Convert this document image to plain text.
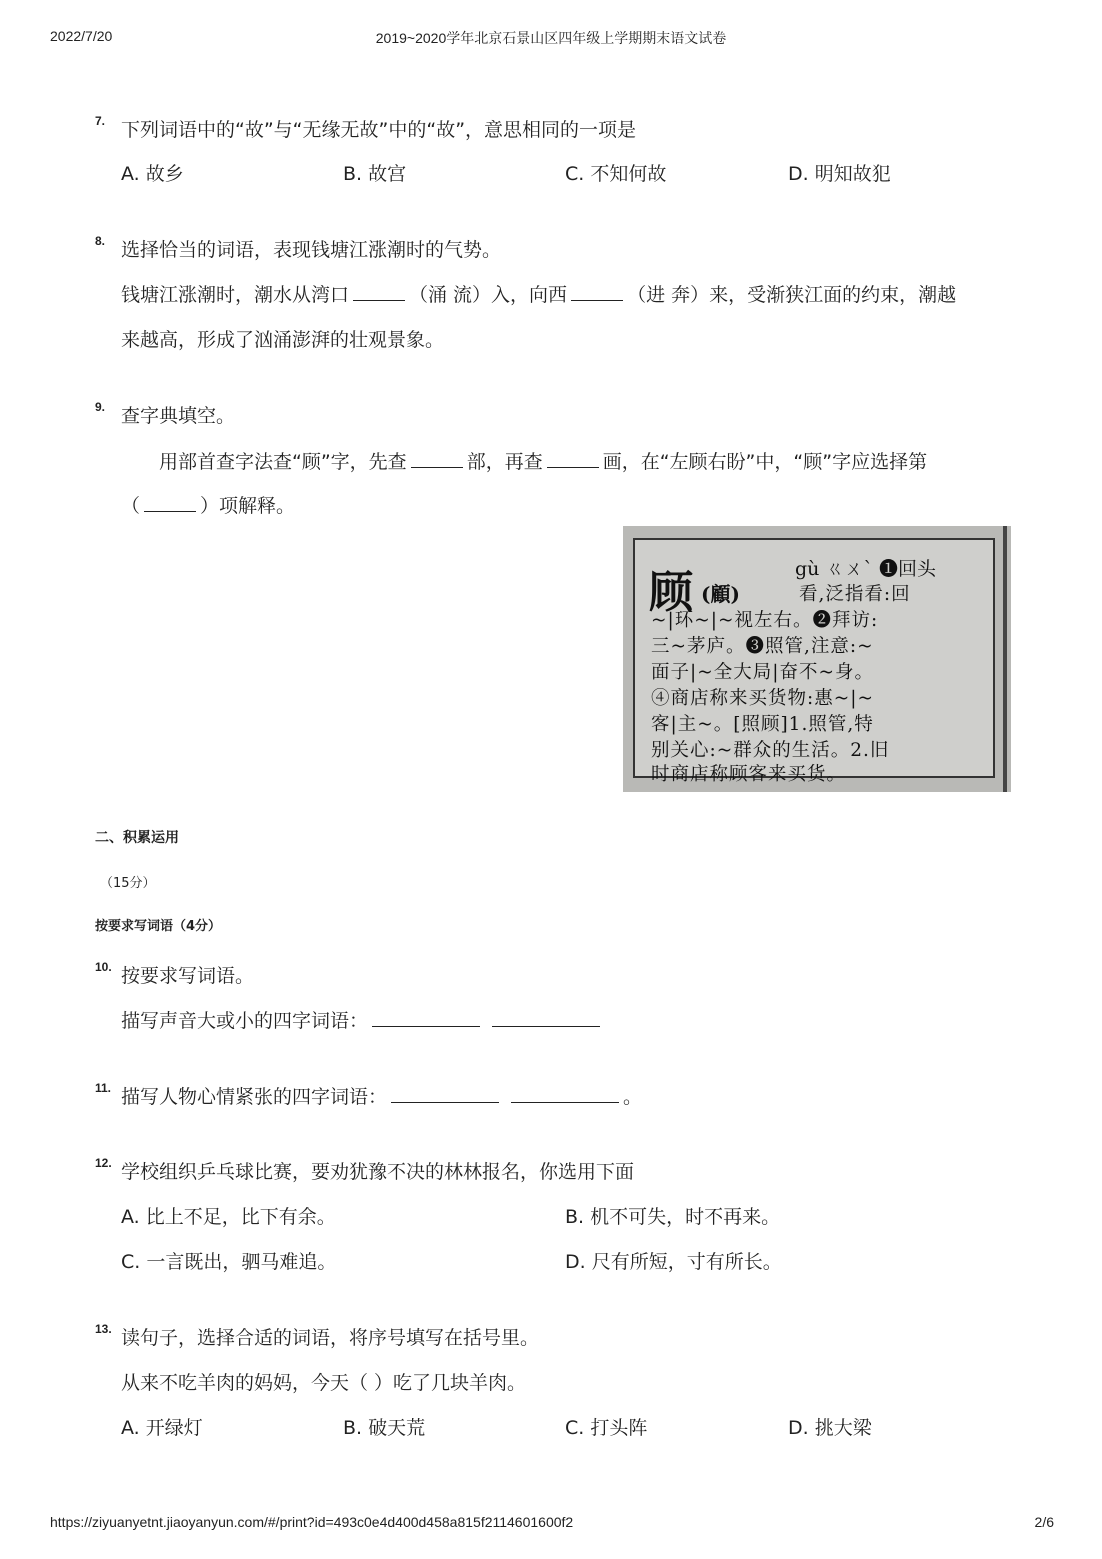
2022/7/20	2019~2020学年北京石景山区四年级上学期期末语文试卷
7. 下列词语中的“故”与“无缘无故”中的“故”，意思相同的一项是
A. 故乡	B. 故宫	C. 不知何故	D. 明知故犯
8. 选择恰当的词语，表现钱塘江涨潮时的气势。
钱塘江涨潮时，潮水从湾口	（涌 流）入，向西	（进 奔）来，受渐狭江面的约束，潮越
来越高，形成了汹涌澎湃的壮观景象。
9. 查字典填空。
用部首查字法查“顾”字，先查	部，再查	画，在“左顾右盼”中，“顾”字应选择第
（	）项解释。
顾 (顧)
gù ㄍㄨˋ ❶回头
看,泛指看:回
~|环~|~视左右。❷拜访:
三~茅庐。❸照管,注意:~
面子|~全大局|奋不~身。
④商店称来买货物:惠~|~
客|主~。[照顾]1.照管,特
别关心:~群众的生活。2.旧
时商店称顾客来买货。
二、积累运用
（15分）
按要求写词语（4分）
10. 按要求写词语。
描写声音大或小的四字词语：
11. 描写人物心情紧张的四字词语：	。
12. 学校组织乒乓球比赛，要劝犹豫不决的林林报名，你选用下面
A. 比上不足，比下有余。	B. 机不可失，时不再来。
C. 一言既出，驷马难追。	D. 尺有所短，寸有所长。
13. 读句子，选择合适的词语，将序号填写在括号里。
从来不吃羊肉的妈妈，今天（ ）吃了几块羊肉。
A. 开绿灯	B. 破天荒	C. 打头阵	D. 挑大梁
https://ziyuanyetnt.jiaoyanyun.com/#/print?id=493c0e4d400d458a815f2114601600f2	2/6
